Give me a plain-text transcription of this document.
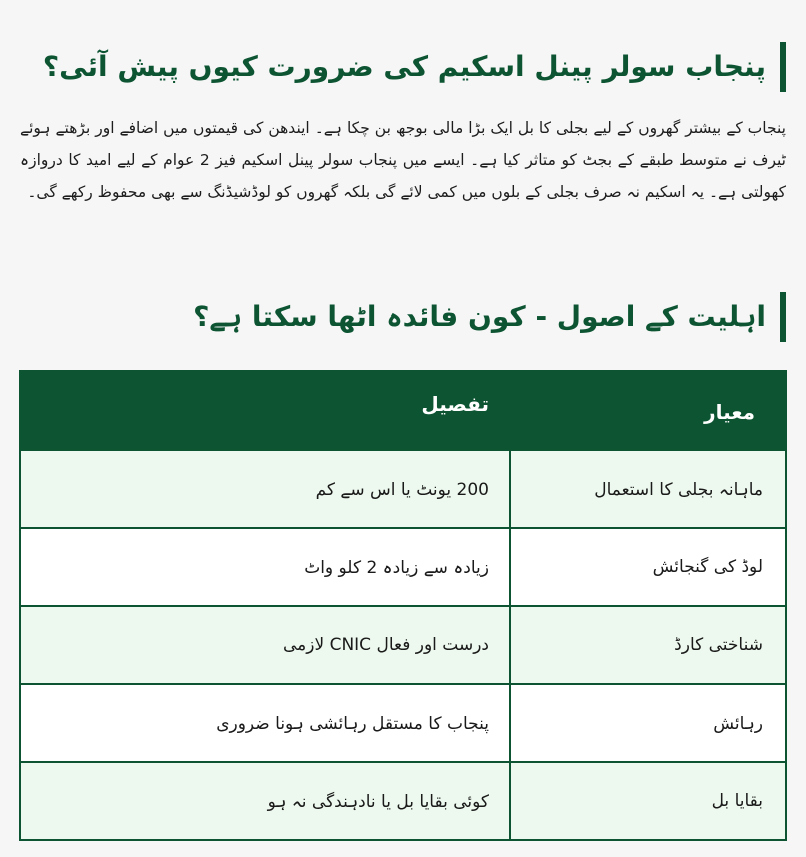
پنجاب سولر پینل اسکیم کی ضرورت کیوں پیش آئی؟
پنجاب کے بیشتر گھروں کے لیے بجلی کا بل ایک بڑا مالی بوجھ بن چکا ہے۔ ایندھن کی قیمتوں میں اضافے اور بڑھتے ہوئے ٹیرف نے متوسط طبقے کے بجٹ کو متاثر کیا ہے۔ ایسے میں پنجاب سولر پینل اسکیم فیز 2 عوام کے لیے امید کا دروازہ کھولتی ہے۔ یہ اسکیم نہ صرف بجلی کے بلوں میں کمی لائے گی بلکہ گھروں کو لوڈشیڈنگ سے بھی محفوظ رکھے گی۔
اہلیت کے اصول - کون فائدہ اٹھا سکتا ہے؟
معیار
تفصیل
ماہانہ بجلی کا استعمال
200 یونٹ یا اس سے کم
لوڈ کی گنجائش
زیادہ سے زیادہ 2 کلو واٹ
شناختی کارڈ
درست اور فعال CNIC لازمی
رہائش
پنجاب کا مستقل رہائشی ہونا ضروری
بقایا بل
کوئی بقایا بل یا نادہندگی نہ ہو
